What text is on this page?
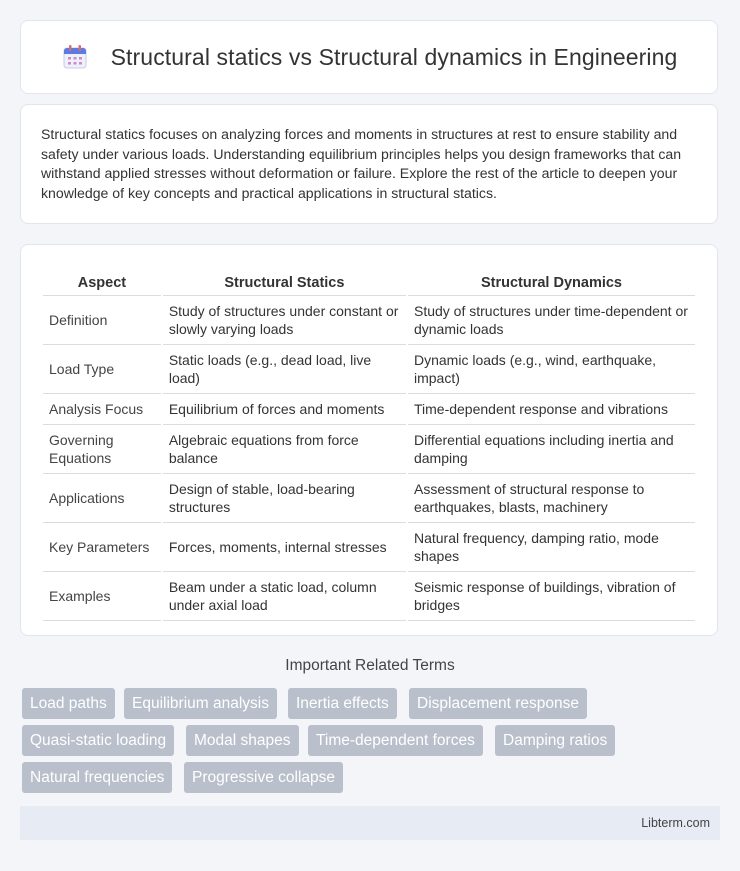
Structural statics vs Structural dynamics in Engineering

Structural statics focuses on analyzing forces and moments in structures at rest to ensure stability and safety under various loads. Understanding equilibrium principles helps you design frameworks that can withstand applied stresses without deformation or failure. Explore the rest of the article to deepen your knowledge of key concepts and practical applications in structural statics.

Aspect	Structural Statics	Structural Dynamics
Definition	Study of structures under constant or slowly varying loads	Study of structures under time-dependent or dynamic loads
Load Type	Static loads (e.g., dead load, live load)	Dynamic loads (e.g., wind, earthquake, impact)
Analysis Focus	Equilibrium of forces and moments	Time-dependent response and vibrations
Governing Equations	Algebraic equations from force balance	Differential equations including inertia and damping
Applications	Design of stable, load-bearing structures	Assessment of structural response to earthquakes, blasts, machinery
Key Parameters	Forces, moments, internal stresses	Natural frequency, damping ratio, mode shapes
Examples	Beam under a static load, column under axial load	Seismic response of buildings, vibration of bridges
Important Related Terms
Load paths	Equilibrium analysis	Inertia effects	Displacement response
Quasi-static loading	Modal shapes	Time-dependent forces	Damping ratios
Natural frequencies	Progressive collapse
Libterm.com
